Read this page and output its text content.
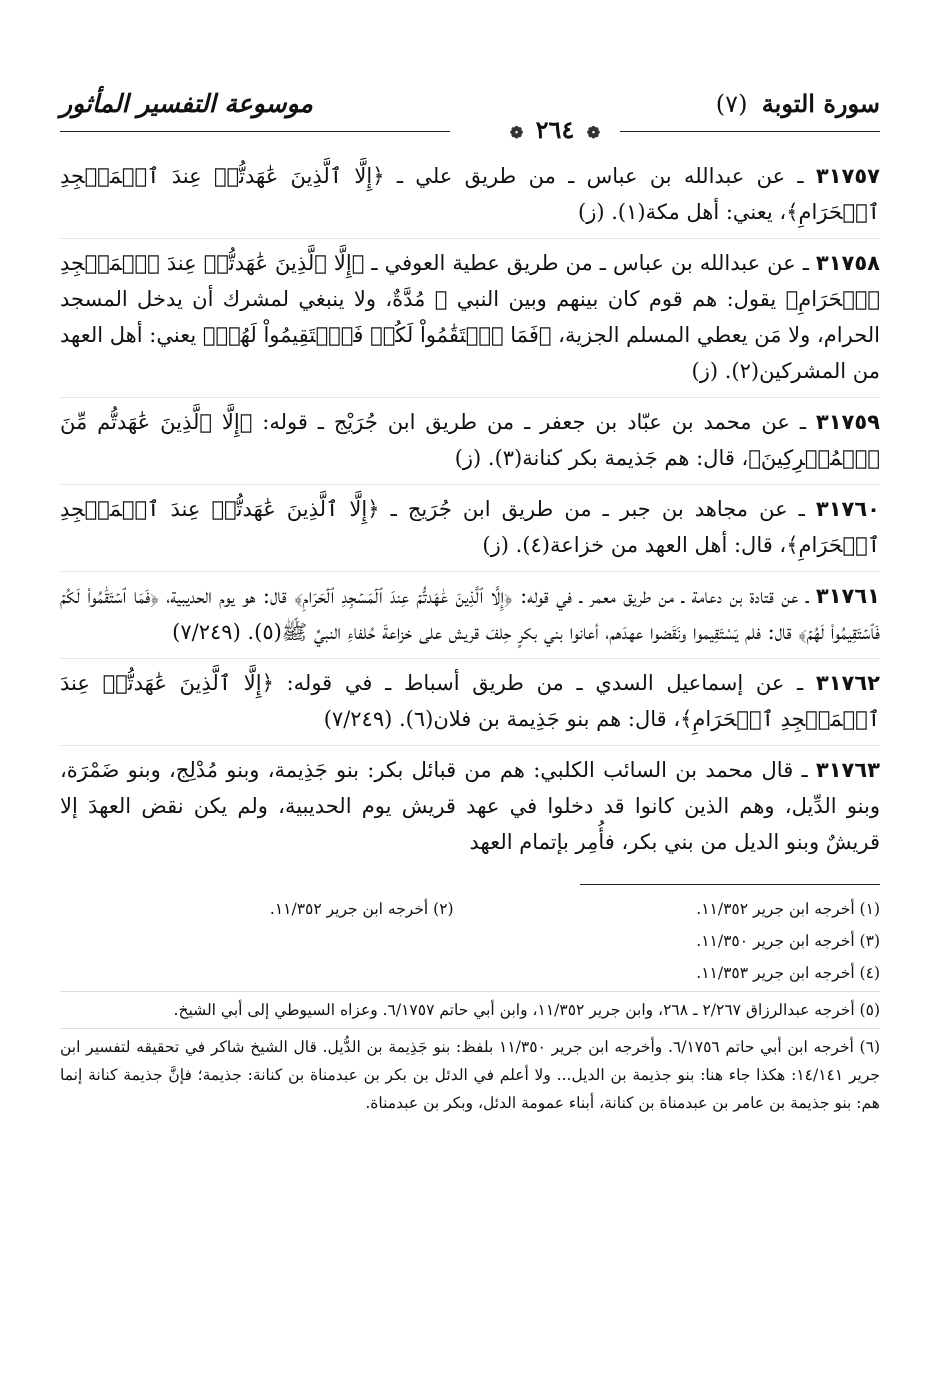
سورة التوبة (٧)
موسوعة التفسير المأثور
❁ ٢٦٤ ❁

٣١٧٥٧ ـ عن عبدالله بن عباس ـ من طريق علي ـ ﴿إِلَّا ٱلَّذِينَ عَٰهَدتُّمۡ عِندَ ٱلۡمَسۡجِدِ ٱلۡحَرَامِ﴾، يعني: أهل مكة(١). (ز)

٣١٧٥٨ ـ عن عبدالله بن عباس ـ من طريق عطية العوفي ـ ﴿إِلَّا ٱلَّذِينَ عَٰهَدتُّمۡ عِندَ ٱلۡمَسۡجِدِ ٱلۡحَرَامِ﴾ يقول: هم قوم كان بينهم وبين النبي ﷺ مُدَّةٌ، ولا ينبغي لمشرك أن يدخل المسجد الحرام، ولا مَن يعطي المسلم الجزية، ﴿فَمَا ٱسۡتَقَٰمُواْ لَكُمۡ فَٱسۡتَقِيمُواْ لَهُمۡ﴾ يعني: أهل العهد من المشركين(٢). (ز)

٣١٧٥٩ ـ عن محمد بن عبّاد بن جعفر ـ من طريق ابن جُرَيْج ـ قوله: ﴿إِلَّا ٱلَّذِينَ عَٰهَدتُّم مِّنَ ٱلۡمُشۡرِكِينَ﴾، قال: هم جَذيمة بكر كنانة(٣). (ز)

٣١٧٦٠ ـ عن مجاهد بن جبر ـ من طريق ابن جُرَيج ـ ﴿إِلَّا ٱلَّذِينَ عَٰهَدتُّمۡ عِندَ ٱلۡمَسۡجِدِ ٱلۡحَرَامِ﴾، قال: أهل العهد من خزاعة(٤). (ز)

٣١٧٦١ ـ عن قتادة بن دعامة ـ من طريق معمر ـ في قوله: ﴿إِلَّا ٱلَّذِينَ عَٰهَدتُّمۡ عِندَ ٱلۡمَسۡجِدِ ٱلۡحَرَامِ﴾ قال: هو يوم الحديبية، ﴿فَمَا ٱسۡتَقَٰمُواْ لَكُمۡ فَٱسۡتَقِيمُواْ لَهُمۡ﴾ قال: فلم يَسْتَقِيموا ونَقَضوا عهدَهم، أعانوا بني بكرٍ حِلفَ قريش على خزاعةَ حُلفاءِ النبيِّ ﷺ(٥). (٧/٢٤٩)

٣١٧٦٢ ـ عن إسماعيل السدي ـ من طريق أسباط ـ في قوله: ﴿إِلَّا ٱلَّذِينَ عَٰهَدتُّمۡ عِندَ ٱلۡمَسۡجِدِ ٱلۡحَرَامِ﴾، قال: هم بنو جَذِيمة بن فلان(٦). (٧/٢٤٩)

٣١٧٦٣ ـ قال محمد بن السائب الكلبي: هم من قبائل بكر: بنو جَذِيمة، وبنو مُدْلِج، وبنو ضَمْرَة، وبنو الدِّيل، وهم الذين كانوا قد دخلوا في عهد قريش يوم الحديبية، ولم يكن نقض العهدَ إلا قريشٌ وبنو الديل من بني بكر، فأُمِر بإتمام العهد

(١) أخرجه ابن جرير ١١/٣٥٢.
(٢) أخرجه ابن جرير ١١/٣٥٢.
(٣) أخرجه ابن جرير ١١/٣٥٠.
(٤) أخرجه ابن جرير ١١/٣٥٣.
(٥) أخرجه عبدالرزاق ٢/٢٦٧ ـ ٢٦٨، وابن جرير ١١/٣٥٢، وابن أبي حاتم ٦/١٧٥٧. وعزاه السيوطي إلى أبي الشيخ.
(٦) أخرجه ابن أبي حاتم ٦/١٧٥٦. وأخرجه ابن جرير ١١/٣٥٠ بلفظ: بنو جَذِيمة بن الدُّيل. قال الشيخ شاكر في تحقيقه لتفسير ابن جرير ١٤/١٤١: هكذا جاء هنا: بنو جذيمة بن الديل... ولا أعلم في الدئل بن بكر بن عبدمناة بن كنانة: جذيمة؛ فإنَّ جذيمة كنانة إنما هم: بنو جذيمة بن عامر بن عبدمناة بن كنانة، أبناء عمومة الدئل، وبكر بن عبدمناة.
